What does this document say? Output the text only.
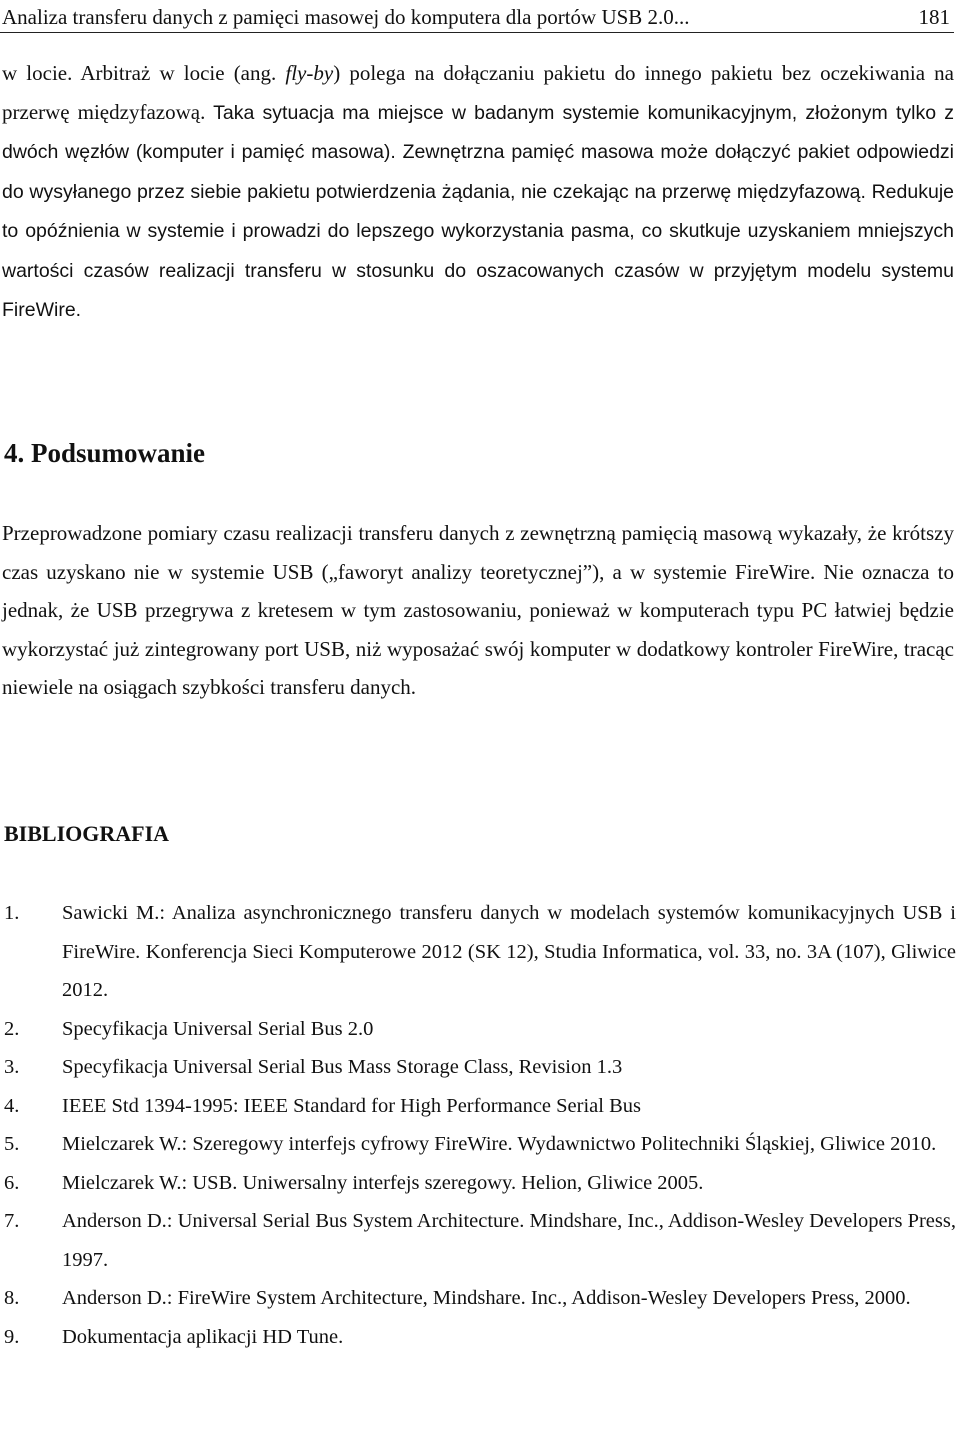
Analiza transferu danych z pamięci masowej do komputera dla portów USB 2.0...	181

w locie. Arbitraż w locie (ang. fly-by) polega na dołączaniu pakietu do innego pakietu bez oczekiwania na przerwę międzyfazową. Taka sytuacja ma miejsce w badanym systemie komunikacyjnym, złożonym tylko z dwóch węzłów (komputer i pamięć masowa). Zewnętrzna pamięć masowa może dołączyć pakiet odpowiedzi do wysyłanego przez siebie pakietu potwierdzenia żądania, nie czekając na przerwę międzyfazową. Redukuje to opóźnienia w systemie i prowadzi do lepszego wykorzystania pasma, co skutkuje uzyskaniem mniejszych wartości czasów realizacji transferu w stosunku do oszacowanych czasów w przyjętym modelu systemu FireWire.

4. Podsumowanie

Przeprowadzone pomiary czasu realizacji transferu danych z zewnętrzną pamięcią masową wykazały, że krótszy czas uzyskano nie w systemie USB („faworyt analizy teoretycznej”), a w systemie FireWire. Nie oznacza to jednak, że USB przegrywa z kretesem w tym zastosowaniu, ponieważ w komputerach typu PC łatwiej będzie wykorzystać już zintegrowany port USB, niż wyposażać swój komputer w dodatkowy kontroler FireWire, tracąc niewiele na osiągach szybkości transferu danych.

BIBLIOGRAFIA
1. Sawicki M.: Analiza asynchronicznego transferu danych w modelach systemów komunikacyjnych USB i FireWire. Konferencja Sieci Komputerowe 2012 (SK 12), Studia Informatica, vol. 33, no. 3A (107), Gliwice 2012.
2. Specyfikacja Universal Serial Bus 2.0
3. Specyfikacja Universal Serial Bus Mass Storage Class, Revision 1.3
4. IEEE Std 1394-1995: IEEE Standard for High Performance Serial Bus
5. Mielczarek W.: Szeregowy interfejs cyfrowy FireWire. Wydawnictwo Politechniki Śląskiej, Gliwice 2010.
6. Mielczarek W.: USB. Uniwersalny interfejs szeregowy. Helion, Gliwice 2005.
7. Anderson D.: Universal Serial Bus System Architecture. Mindshare, Inc., Addison-Wesley Developers Press, 1997.
8. Anderson D.: FireWire System Architecture, Mindshare. Inc., Addison-Wesley Developers Press, 2000.
9. Dokumentacja aplikacji HD Tune.
